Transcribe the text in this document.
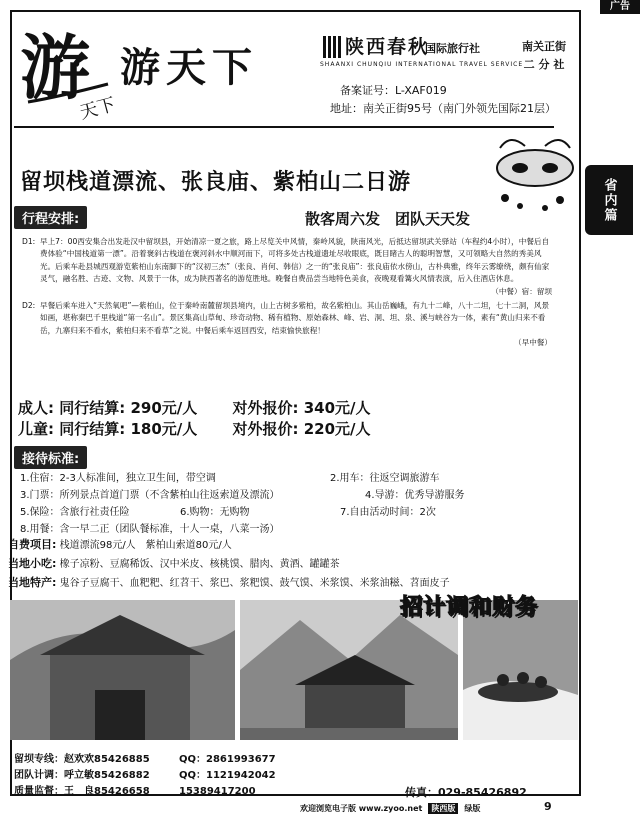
广告
省内篇
游
天下
游天下	陕西春秋
SHAANXI CHUNQIU INTERNATIONAL TRAVEL SERVICE
国际旅行社	南关正街
二 分 社
备案证号：L-XAF019
地址：南关正街95号（南门外领先国际21层）
留坝栈道漂流、张良庙、紫柏山二日游
行程安排:	散客周六发　团队天天发
D1: 早上7：00西安集合出发赴汉中留坝县，开始清凉一夏之旅，路上尽览关中风情，秦岭风貌，陕南风光，后抵达留坝武关驿站（车程约4小时），中餐后自费体验“中国栈道第一漂”。沿着褒斜古栈道在褒河斜水中顺河而下，可将多处古栈道遗址尽收眼底，既目睹古人的聪明智慧，又可领略大自然的秀美风光。后乘车赴县城西观游览紫柏山东南脚下的“汉初三杰”（张良、肖何、韩信）之一的“张良庙”：张良庙依水傍山，古朴典雅，终年云雾缭绕，颇有仙家灵气，融名胜、古迹、文物、风景于一体，成为陕西著名的游览胜地。晚餐自费品尝当地特色美食，夜晚观看篝火风情表演，后入住酒店休息。
（中餐）宿：留坝
D2: 早餐后乘车进入“天然氧吧”—紫柏山，位于秦岭南麓留坝县境内，山上古树多紫柏，故名紫柏山。其山岳巍峨，有九十二峰，八十二坦，七十二洞，风景如画，堪称秦巴千里栈道“第一名山”。景区集高山草甸、珍奇动物、稀有植物、原始森林、峰、岩、洞、坦、泉、溪与峡谷为一体，素有“黄山归来不看岳，九寨归来不看水，紫柏归来不看草”之说。中餐后乘车返回西安，结束愉快旅程！
（早中餐）
成人: 同行结算: 290元/人 对外报价: 340元/人
儿童: 同行结算: 180元/人 对外报价: 220元/人
接待标准:
1.住宿：2-3人标准间，独立卫生间，带空调	2.用车：往返空调旅游车
3.门票：所列景点首道门票（不含紫柏山往返索道及漂流）	4.导游：优秀导游服务
5.保险：含旅行社责任险	6.购物：无购物	7.自由活动时间：2次
8.用餐：含一早二正（团队餐标准，十人一桌，八菜一汤）
自费项目: 栈道漂流98元/人　紫柏山索道80元/人
当地小吃: 橡子凉粉、豆腐稀饭、汉中米皮、核桃馍、腊肉、黄酒、罐罐茶
当地特产: 鬼谷子豆腐干、血粑粑、红苕干、浆巴、浆粑馍、鼓气馍、米浆馍、米浆油糍、苕面皮子
招计调和财务
留坝专线：赵欢欢85426885	QQ：2861993677
团队计调：呼立敏85426882	QQ：1121942042
质量监督：王　良85426658	15389417200	传真：029-85426892
欢迎浏览电子版 www.zyoo.net	陕西版	绿版	9
